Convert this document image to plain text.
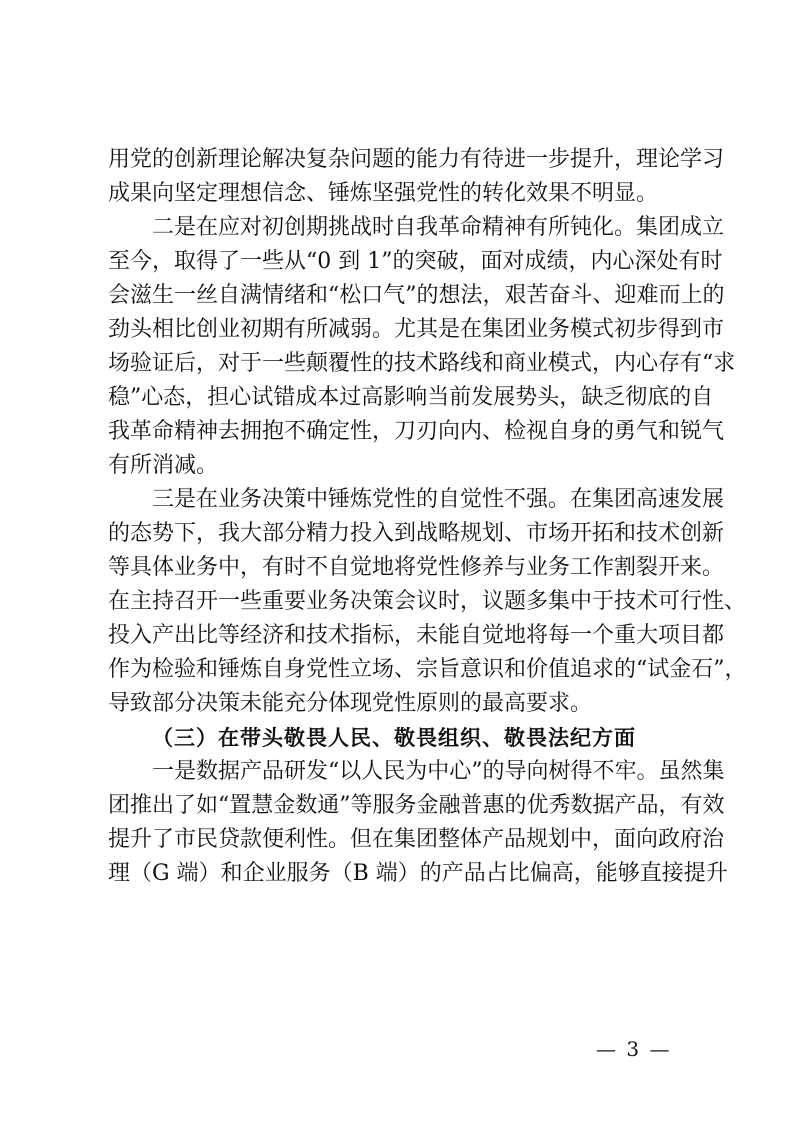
用党的创新理论解决复杂问题的能力有待进一步提升，理论学习

成果向坚定理想信念、锤炼坚强党性的转化效果不明显。

二是在应对初创期挑战时自我革命精神有所钝化。集团成立

至今，取得了一些从“0 到 1”的突破，面对成绩，内心深处有时

会滋生一丝自满情绪和“松口气”的想法，艰苦奋斗、迎难而上的

劲头相比创业初期有所减弱。尤其是在集团业务模式初步得到市

场验证后，对于一些颠覆性的技术路线和商业模式，内心存有“求

稳”心态，担心试错成本过高影响当前发展势头，缺乏彻底的自

我革命精神去拥抱不确定性，刀刃向内、检视自身的勇气和锐气

有所消减。

三是在业务决策中锤炼党性的自觉性不强。在集团高速发展

的态势下，我大部分精力投入到战略规划、市场开拓和技术创新

等具体业务中，有时不自觉地将党性修养与业务工作割裂开来。

在主持召开一些重要业务决策会议时，议题多集中于技术可行性、

投入产出比等经济和技术指标，未能自觉地将每一个重大项目都

作为检验和锤炼自身党性立场、宗旨意识和价值追求的“试金石”，

导致部分决策未能充分体现党性原则的最高要求。

（三）在带头敬畏人民、敬畏组织、敬畏法纪方面

一是数据产品研发“以人民为中心”的导向树得不牢。虽然集

团推出了如“置慧金数通”等服务金融普惠的优秀数据产品，有效

提升了市民贷款便利性。但在集团整体产品规划中，面向政府治

理（G 端）和企业服务（B 端）的产品占比偏高，能够直接提升

— 3 —
